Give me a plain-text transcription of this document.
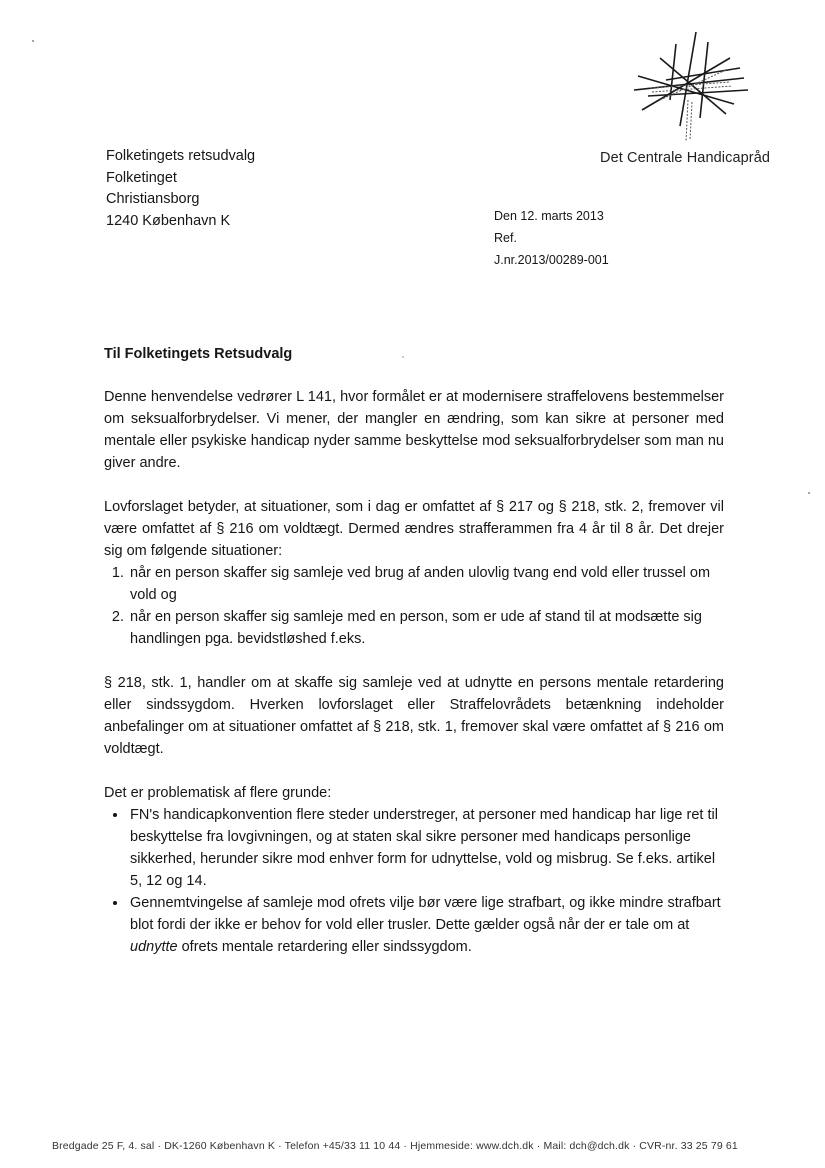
Det Centrale Handicapråd
Folketingets retsudvalg
Folketinget
Christiansborg
1240 København K	Den 12. marts 2013
Ref.
J.nr.2013/00289-001
Til Folketingets Retsudvalg

Denne henvendelse vedrører L 141, hvor formålet er at modernisere straffelovens bestemmelser om seksualforbrydelser. Vi mener, der mangler en ændring, som kan sikre at personer med mentale eller psykiske handicap nyder samme beskyttelse mod seksualforbrydelser som man nu giver andre.

Lovforslaget betyder, at situationer, som i dag er omfattet af § 217 og § 218, stk. 2, fremover vil være omfattet af § 216 om voldtægt. Dermed ændres strafferammen fra 4 år til 8 år. Det drejer sig om følgende situationer:

1. når en person skaffer sig samleje ved brug af anden ulovlig tvang end vold eller trussel om vold og
2. når en person skaffer sig samleje med en person, som er ude af stand til at modsætte sig handlingen pga. bevidstløshed f.eks.

§ 218, stk. 1, handler om at skaffe sig samleje ved at udnytte en persons mentale retardering eller sindssygdom. Hverken lovforslaget eller Straffelovrådets betænkning indeholder anbefalinger om at situationer omfattet af § 218, stk. 1, fremover skal være omfattet af § 216 om voldtægt.

Det er problematisk af flere grunde:

• FN's handicapkonvention flere steder understreger, at personer med handicap har lige ret til beskyttelse fra lovgivningen, og at staten skal sikre personer med handicaps personlige sikkerhed, herunder sikre mod enhver form for udnyttelse, vold og misbrug. Se f.eks. artikel 5, 12 og 14.
• Gennemtvingelse af samleje mod ofrets vilje bør være lige strafbart, og ikke mindre strafbart blot fordi der ikke er behov for vold eller trusler. Dette gælder også når der er tale om at udnytte ofrets mentale retardering eller sindssygdom.
Bredgade 25 F, 4. sal · DK-1260 København K · Telefon +45/33 11 10 44 · Hjemmeside: www.dch.dk · Mail: dch@dch.dk · CVR-nr. 33 25 79 61
